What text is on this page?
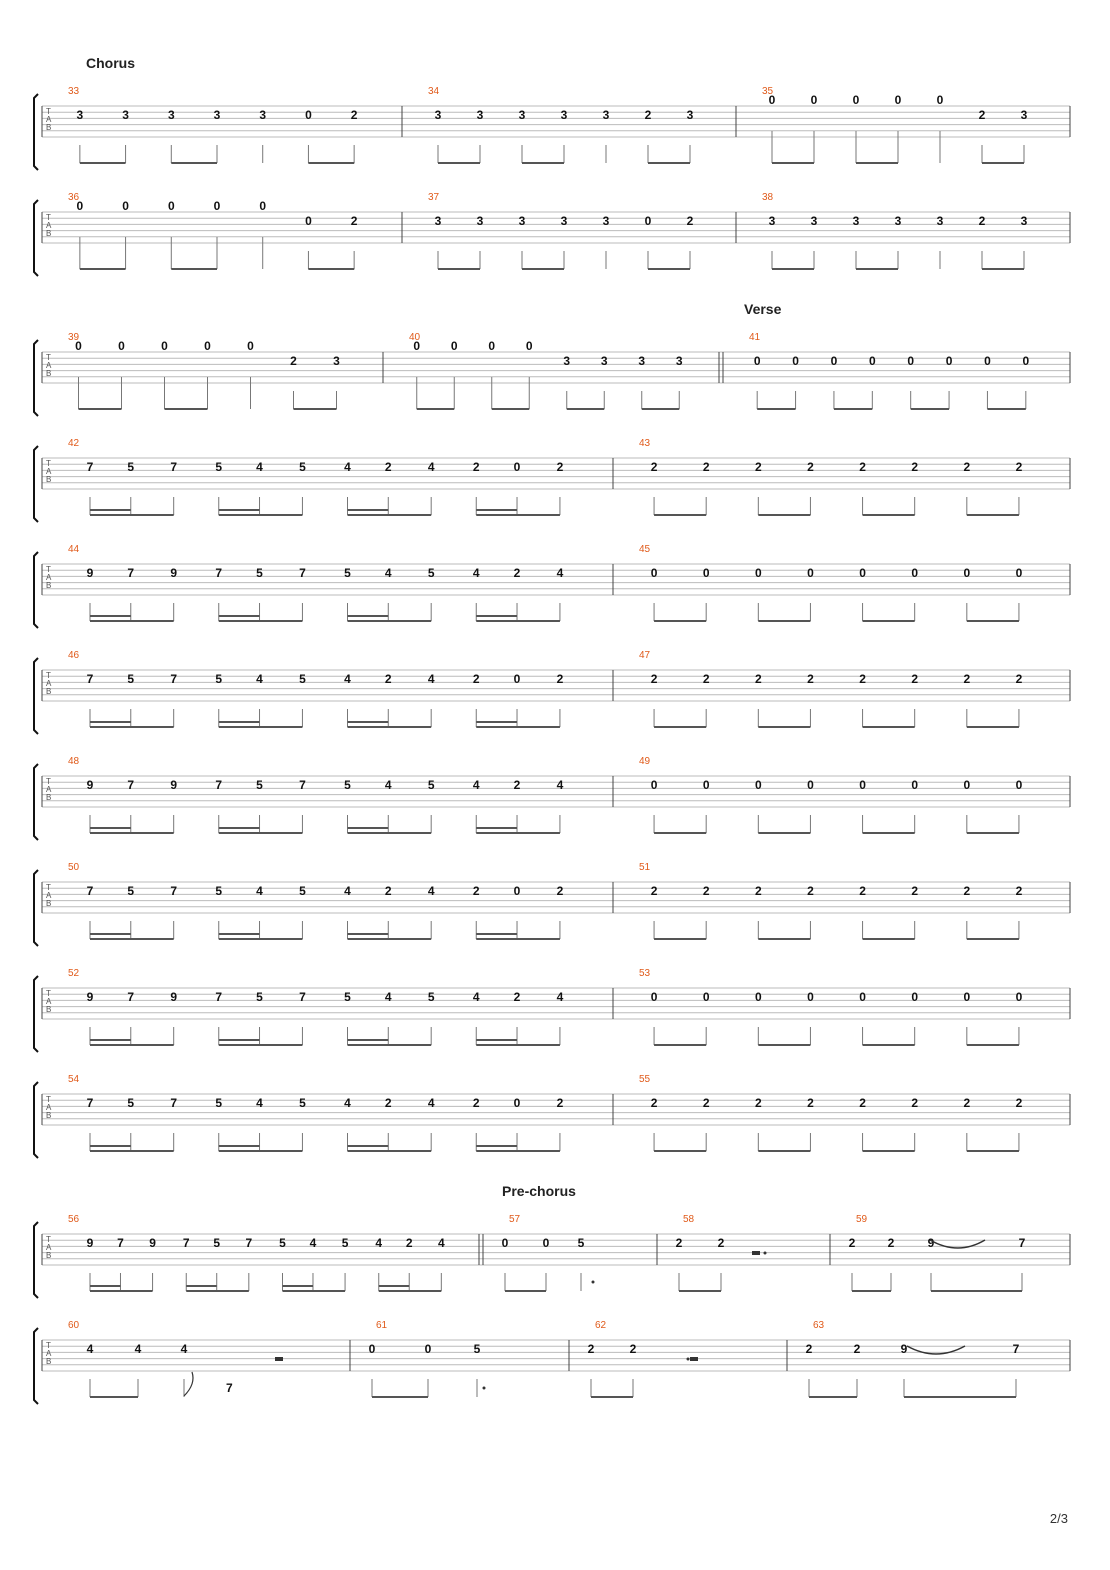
Chorus
T
A
B
33
3	3	3	3	3	0	2
34
3	3	3	3	3	2	3
35
0	0	0	0	0
2	3
T
A
B
36
0	0	0	0	0
0	2
37
3	3	3	3	3	0	2
38
3	3	3	3	3	2	3
Verse
T
A
B
39
0	0	0	0	0
2	3
40
0	0	0	0
3	3	3	3
41
0	0	0	0	0	0	0	0
T
A
B
42
7	5	7	5	4	5	4	2	4	2	0	2
43
2	2	2	2	2	2	2	2
T
A
B
44
9	7	9	7	5	7	5	4	5	4	2	4
45
0	0	0	0	0	0	0	0
T
A
B
46
7	5	7	5	4	5	4	2	4	2	0	2
47
2	2	2	2	2	2	2	2
T
A
B
48
9	7	9	7	5	7	5	4	5	4	2	4
49
0	0	0	0	0	0	0	0
T
A
B
50
7	5	7	5	4	5	4	2	4	2	0	2
51
2	2	2	2	2	2	2	2
T
A
B
52
9	7	9	7	5	7	5	4	5	4	2	4
53
0	0	0	0	0	0	0	0
T
A
B
54
7	5	7	5	4	5	4	2	4	2	0	2
55
2	2	2	2	2	2	2	2
Pre-chorus
T
A
B
56
9 7 9 7 5 7 5 4 5 4 2 4
57
0	0 5
58
2	2
59
2	2	9	7
T
A
B
60
4	4	4
61
0	0	5
62
2	2
63
2	2	9	7
7
2/3
